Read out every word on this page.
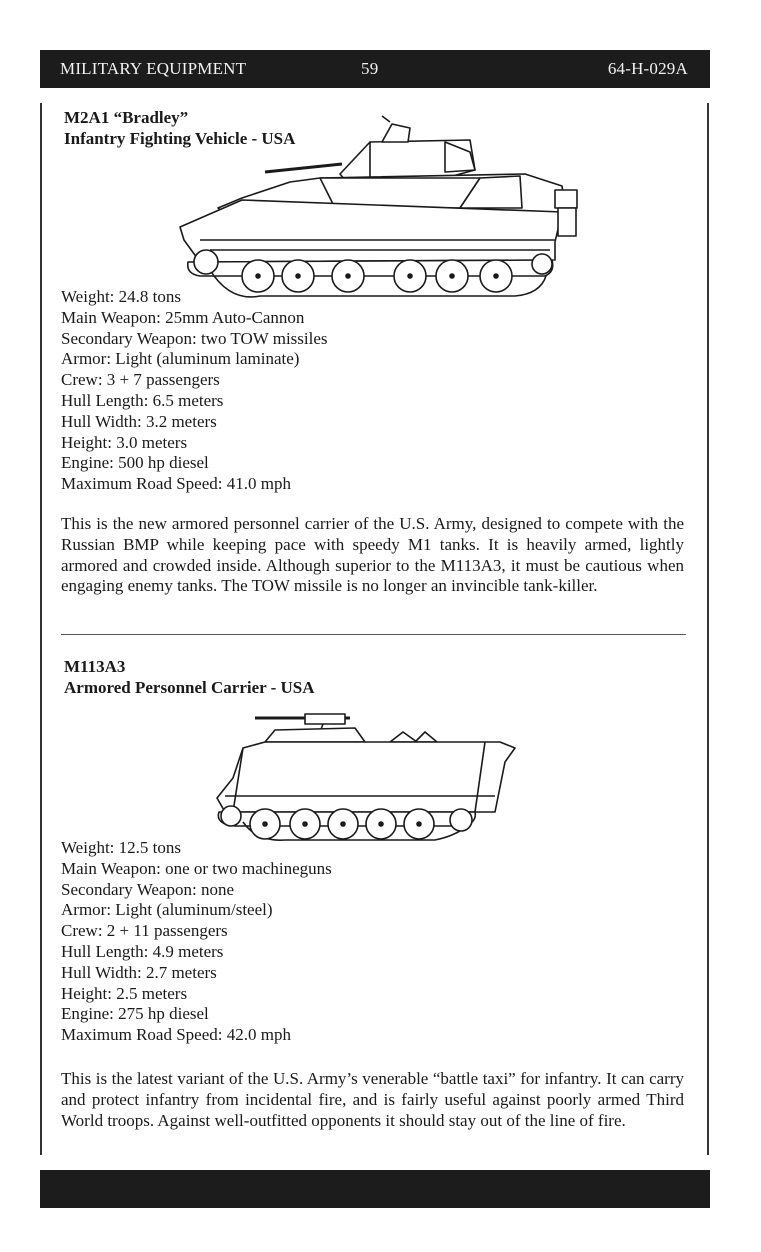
MILITARY EQUIPMENT	59	64-H-029A
M2A1 “Bradley”
Infantry Fighting Vehicle - USA
Weight: 24.8 tons
Main Weapon: 25mm Auto-Cannon
Secondary Weapon: two TOW missiles
Armor: Light (aluminum laminate)
Crew: 3 + 7 passengers
Hull Length: 6.5 meters
Hull Width: 3.2 meters
Height: 3.0 meters
Engine: 500 hp diesel
Maximum Road Speed: 41.0 mph

This is the new armored personnel carrier of the U.S. Army, designed to compete with the Russian BMP while keeping pace with speedy M1 tanks. It is heavily armed, lightly armored and crowded inside. Although superior to the M113A3, it must be cautious when engaging enemy tanks. The TOW missile is no longer an invincible tank-killer.

M113A3
Armored Personnel Carrier - USA
Weight: 12.5 tons
Main Weapon: one or two machineguns
Secondary Weapon: none
Armor: Light (aluminum/steel)
Crew: 2 + 11 passengers
Hull Length: 4.9 meters
Hull Width: 2.7 meters
Height: 2.5 meters
Engine: 275 hp diesel
Maximum Road Speed: 42.0 mph

This is the latest variant of the U.S. Army’s venerable “battle taxi” for infantry. It can carry and protect infantry from incidental fire, and is fairly useful against poorly armed Third World troops. Against well-outfitted opponents it should stay out of the line of fire.
